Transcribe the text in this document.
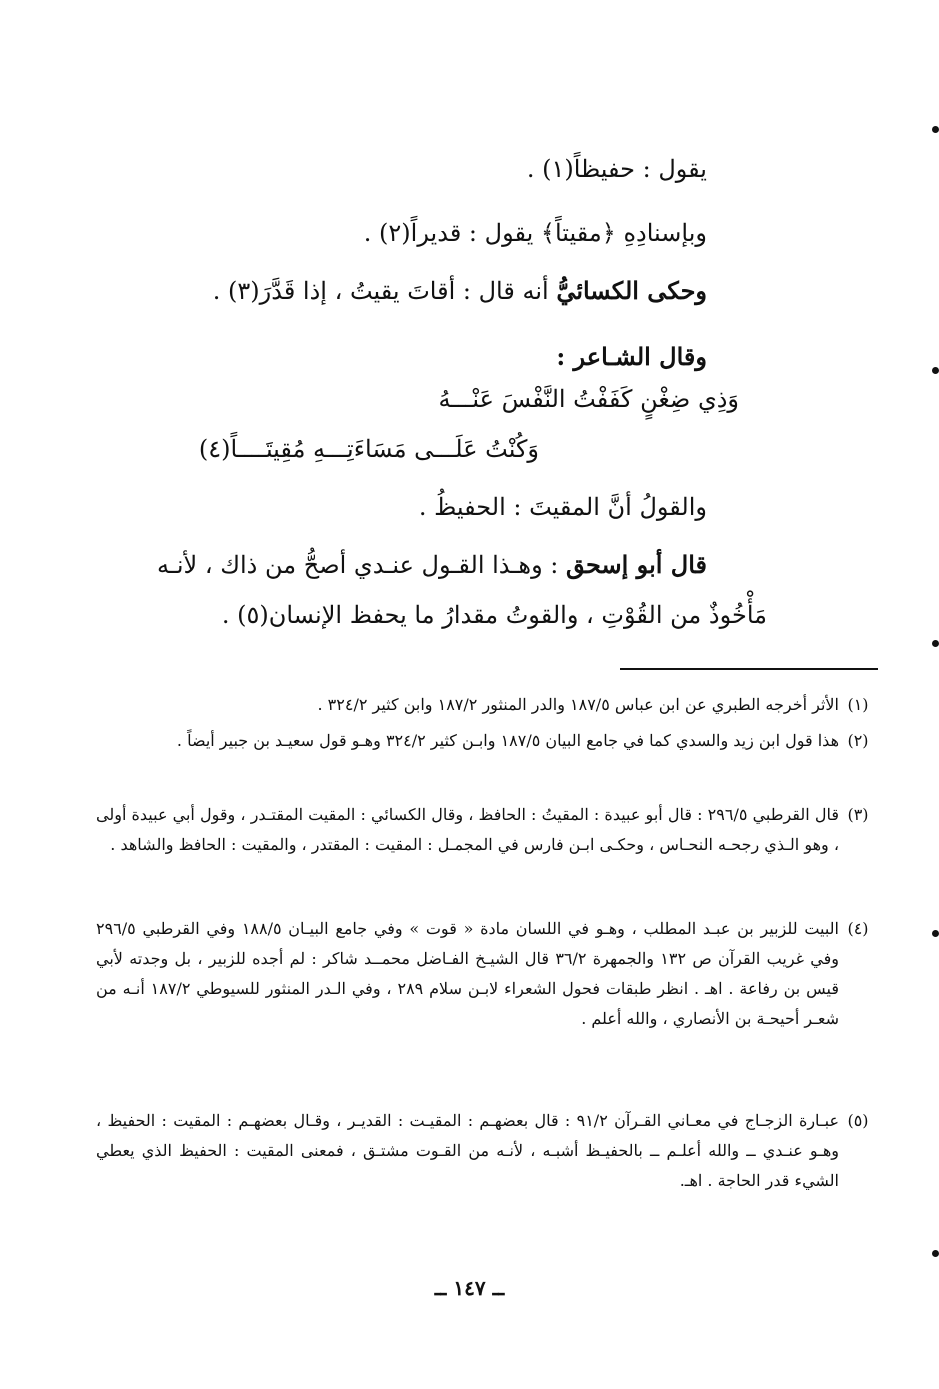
يقول : حفيظاً(١) .
وبإسنادِهِ ﴿مقيتاً﴾ يقول : قديراً(٢) .
وحكى الكسائيُّ أنه قال : أقاتَ يقيتُ ، إذا قَدَّرَ(٣) .
وقال الشـاعر :
وَذِي ضِغْنٍ كَفَفْتُ النَّفْسَ عَنْـــهُ
وَكُنْتُ عَلَـــى مَسَاءَتِـــهِ مُقِيتَــــاً(٤)
والقولُ أنَّ المقيتَ : الحفيظُ .
قال أبو إسحق : وهـذا القـول عنـدي أصحُّ من ذاك ، لأنـه
مَأْخُوذٌ من القُوْتِ ، والقوتُ مقدارُ ما يحفظ الإنسان(٥) .
(١)
الأثر أخرجه الطبري عن ابن عباس ١٨٧/٥ والدر المنثور ١٨٧/٢ وابن كثير ٣٢٤/٢ .
(٢)
هذا قول ابن زيد والسدي كما في جامع البيان ١٨٧/٥ وابـن كثير ٣٢٤/٢ وهـو قول سعيـد بن جبير أيضاً .
(٣)
قال القرطبي ٢٩٦/٥ : قال أبو عبيدة : المقيتُ : الحافظ ، وقال الكسائي : المقيت المقتـدر ، وقول أبي عبيدة أولى ، وهو الـذي رجحـه النحـاس ، وحكـى ابـن فارس في المجمـل : المقيت : المقتدر ، والمقيت : الحافظ والشاهد .
(٤)
البيت للزبير بن عبـد المطلب ، وهـو في اللسان مادة « قوت » وفي جامع البيـان ١٨٨/٥ وفي القرطبي ٢٩٦/٥ وفي غريب القرآن ص ١٣٢ والجمهرة ٣٦/٢ قال الشيـخ الفـاضل محمــد شاكر : لم أجده للزبير ، بل وجدته لأبي قيس بن رفاعة . اهـ . انظر طبقات فحول الشعراء لابـن سلام ٢٨٩ ، وفي الـدر المنثور للسيوطي ١٨٧/٢ أنـه من شعـر أحيحـة بن الأنصاري ، والله أعلم .
(٥)
عبـارة الزجـاج في معـاني القـرآن ٩١/٢ : قال بعضهـم : المقيـت : القديـر ، وقـال بعضهـم : المقيت : الحفيظ ، وهـو عنـدي ــ والله أعلـم ــ بالحفيـظ أشبـه ، لأنـه من القـوت مشتـق ، فمعنى المقيت : الحفيظ الذي يعطي الشيء قدر الحاجة . اهـ.
ــ ١٤٧ ــ
